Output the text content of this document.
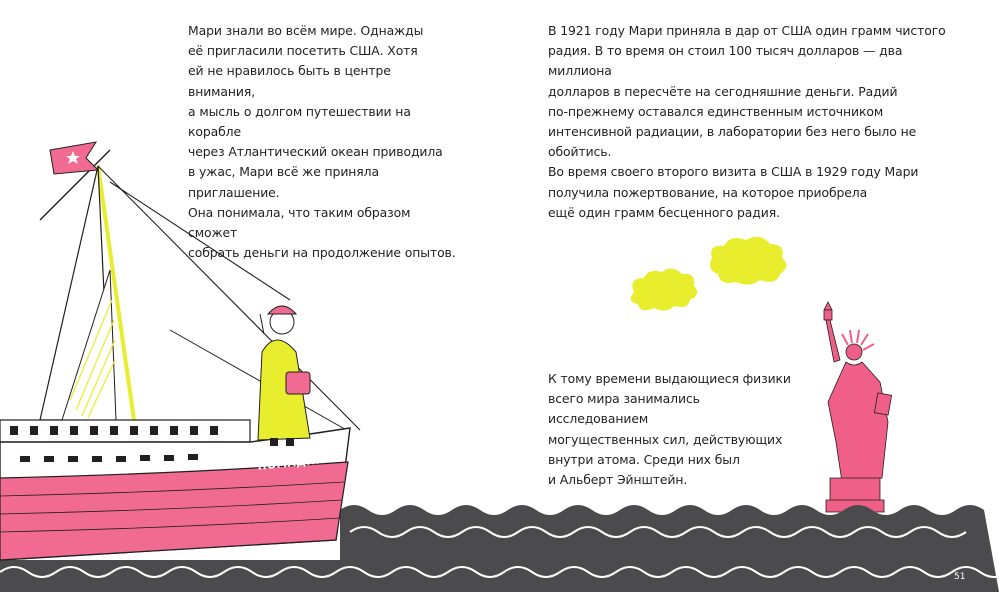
НОМАДИК
Мари знали во всём мире. Однажды
её пригласили посетить США. Хотя
ей не нравилось быть в центре внимания,
а мысль о долгом путешествии на корабле
через Атлантический океан приводила
в ужас, Мари всё же приняла приглашение.
Она понимала, что таким образом сможет
собрать деньги на продолжение опытов.
В 1921 году Мари приняла в дар от США один грамм чистого
радия. В то время он стоил 100 тысяч долларов — два миллиона
долларов в пересчёте на сегодняшние деньги. Радий
по-прежнему оставался единственным источником
интенсивной радиации, в лаборатории без него было не обойтись.
Во время своего второго визита в США в 1929 году Мари
получила пожертвование, на которое приобрела
ещё один грамм бесценного радия.
К тому времени выдающиеся физики
всего мира занимались исследованием
могущественных сил, действующих
внутри атома. Среди них был
и Альберт Эйнштейн.
51
